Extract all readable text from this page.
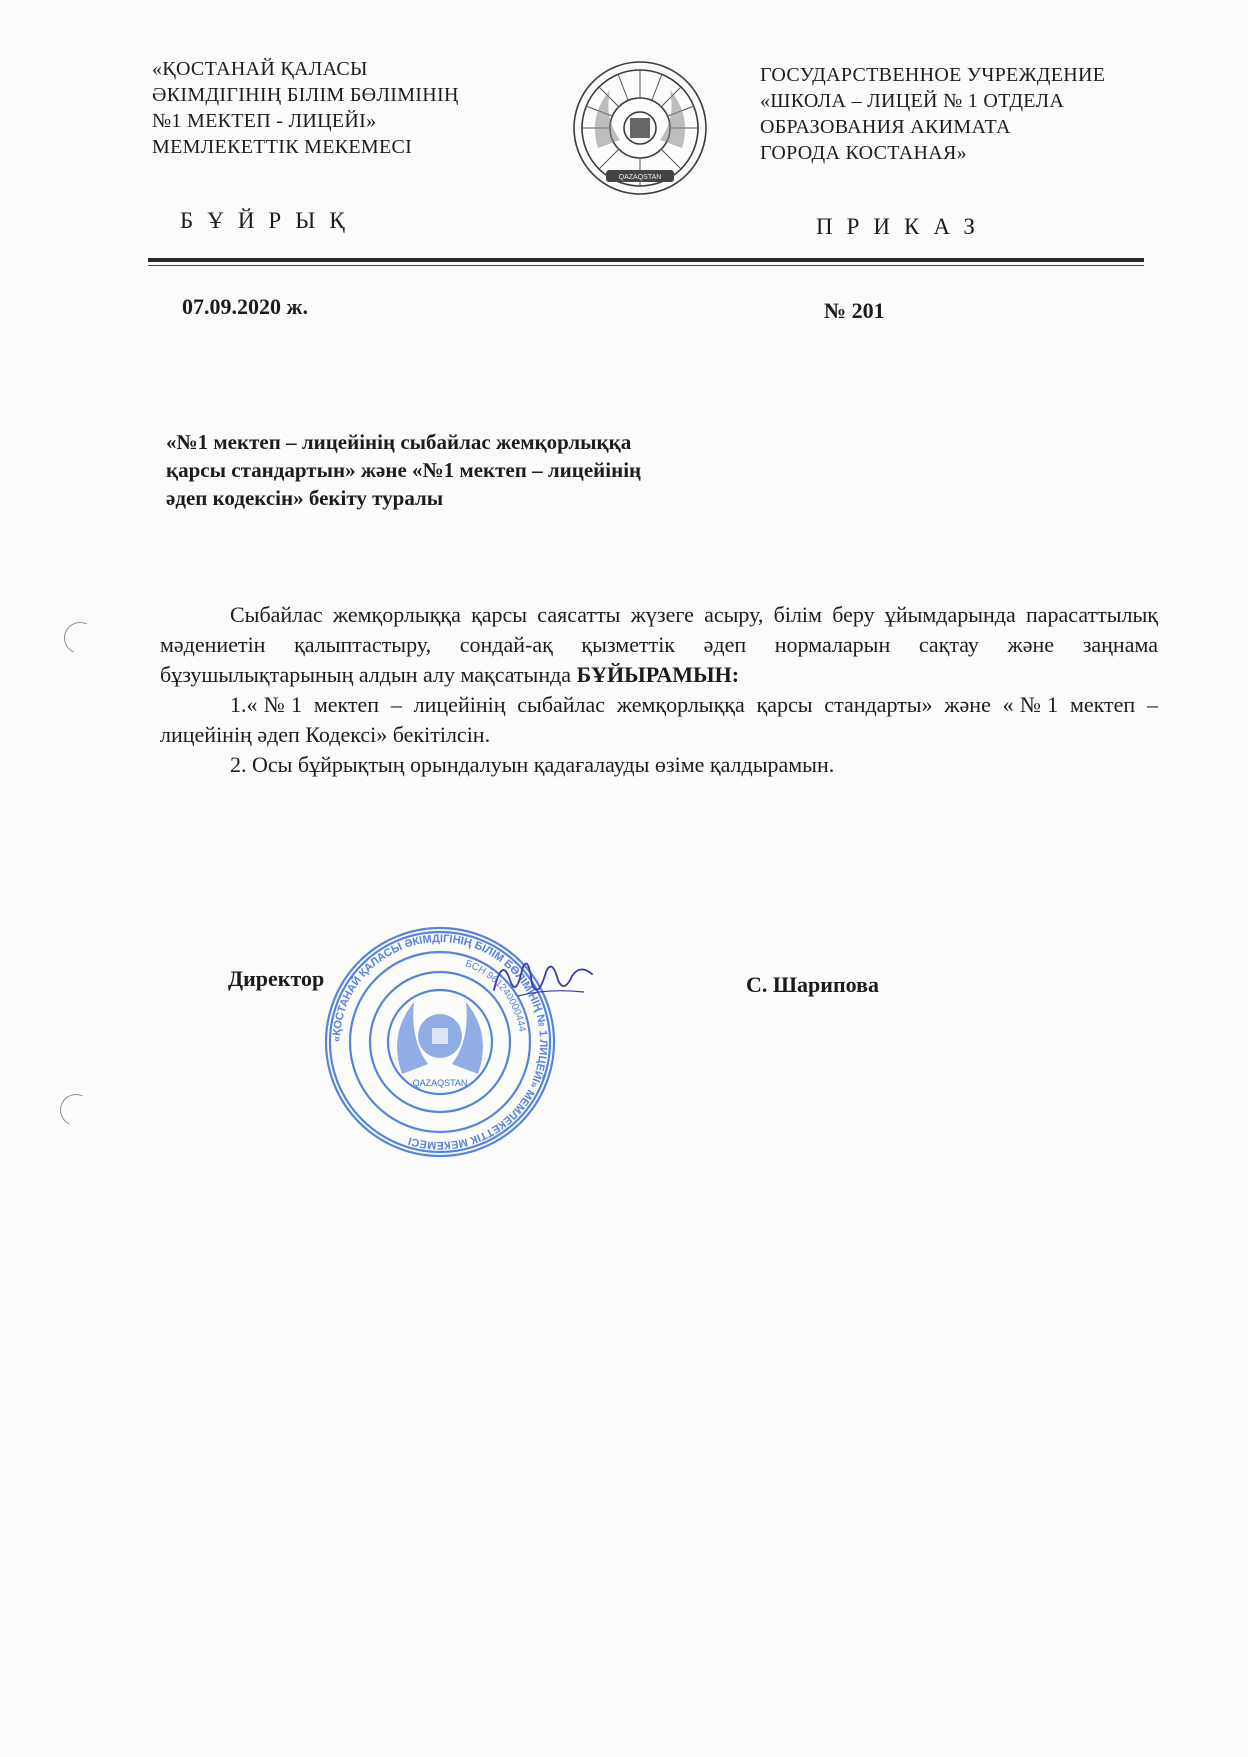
«ҚОСТАНАЙ ҚАЛАСЫ
ӘКІМДІГІНІҢ БІЛІМ БӨЛІМІНІҢ
№1 МЕКТЕП - ЛИЦЕЙІ»
МЕМЛЕКЕТТІК МЕКЕМЕСІ
QAZAQSTAN
ГОСУДАРСТВЕННОЕ УЧРЕЖДЕНИЕ
«ШКОЛА – ЛИЦЕЙ № 1 ОТДЕЛА
ОБРАЗОВАНИЯ АКИМАТА
ГОРОДА КОСТАНАЯ»
БҰЙРЫҚ	ПРИКАЗ
07.09.2020 ж.	№ 201
«№1 мектеп – лицейінің сыбайлас жемқорлыққа
қарсы стандартын» және «№1 мектеп – лицейінің
әдеп кодексін» бекіту туралы

Сыбайлас жемқорлыққа қарсы саясатты жүзеге асыру, білім беру ұйымдарында парасаттылық мәдениетін қалыптастыру, сондай-ақ қызметтік әдеп нормаларын сақтау және заңнама бұзушылықтарының алдын алу мақсатында БҰЙЫРАМЫН:

1.«№1 мектеп – лицейінің сыбайлас жемқорлыққа қарсы стандарты» және «№1 мектеп – лицейінің әдеп Кодексі» бекітілсін.

2. Осы бұйрықтың орындалуын қадағалауды өзіме қалдырамын.

Директор	С. Шарипова
«ҚОСТАНАЙ ҚАЛАСЫ ӘКІМДІГІНІҢ БІЛІМ БӨЛІМІНІҢ № 1 ЛИЦЕЙІ» МЕМЛЕКЕТТІК МЕКЕМЕСІ
БСН 961240000444
QAZAQSTAN
